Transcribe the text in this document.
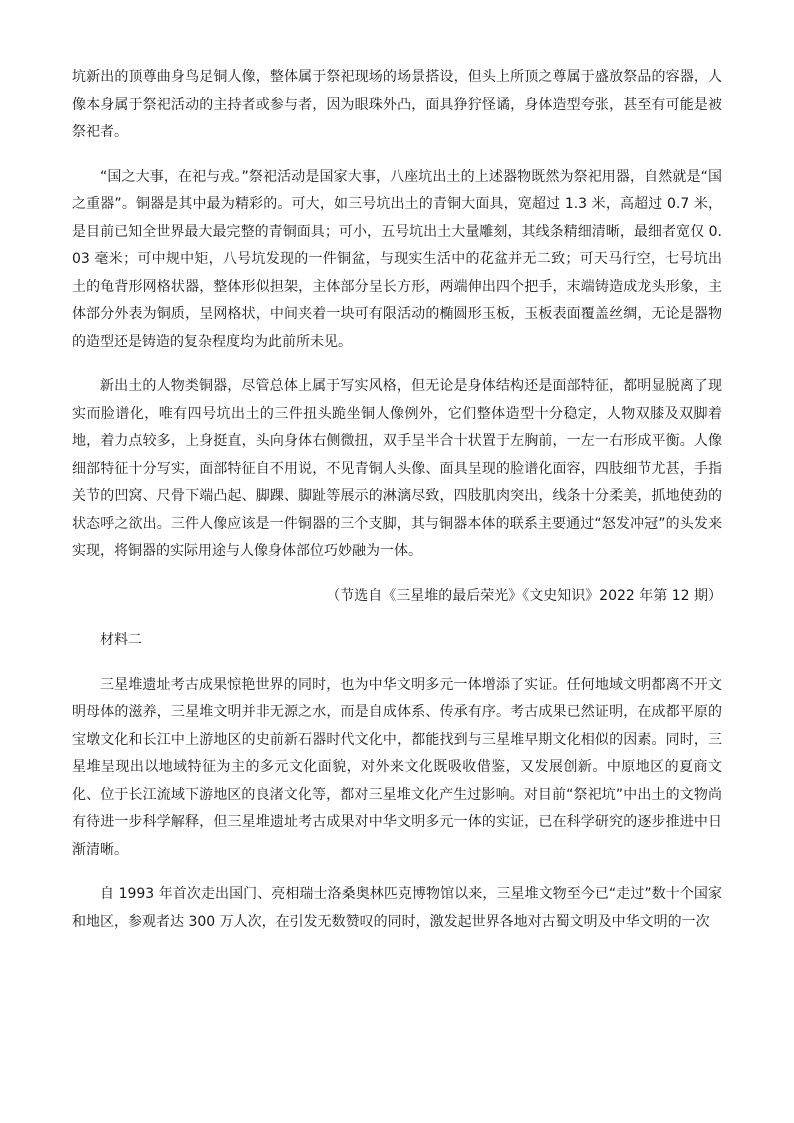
坑新出的顶尊曲身鸟足铜人像，整体属于祭祀现场的场景搭设，但头上所顶之尊属于盛放祭品的容器，人像本身属于祭祀活动的主持者或参与者，因为眼珠外凸，面具狰狞怪谲，身体造型夸张，甚至有可能是被祭祀者。

“国之大事，在祀与戎。”祭祀活动是国家大事，八座坑出土的上述器物既然为祭祀用器，自然就是“国之重器”。铜器是其中最为精彩的。可大，如三号坑出土的青铜大面具，宽超过 1.3 米，高超过 0.7 米，是目前已知全世界最大最完整的青铜面具；可小，五号坑出土大量雕刻，其线条精细清晰，最细者宽仅 0.03 毫米；可中规中矩，八号坑发现的一件铜盆，与现实生活中的花盆并无二致；可天马行空，七号坑出土的龟背形网格状器，整体形似担架，主体部分呈长方形，两端伸出四个把手，末端铸造成龙头形象，主体部分外表为铜质，呈网格状，中间夹着一块可有限活动的椭圆形玉板，玉板表面覆盖丝绸，无论是器物的造型还是铸造的复杂程度均为此前所未见。

新出土的人物类铜器，尽管总体上属于写实风格，但无论是身体结构还是面部特征，都明显脱离了现实而脸谱化，唯有四号坑出土的三件扭头跪坐铜人像例外，它们整体造型十分稳定，人物双膝及双脚着地，着力点较多，上身挺直，头向身体右侧微扭，双手呈半合十状置于左胸前，一左一右形成平衡。人像细部特征十分写实，面部特征自不用说，不见青铜人头像、面具呈现的脸谱化面容，四肢细节尤甚，手指关节的凹窝、尺骨下端凸起、脚踝、脚趾等展示的淋漓尽致，四肢肌肉突出，线条十分柔美，抓地使劲的状态呼之欲出。三件人像应该是一件铜器的三个支脚，其与铜器本体的联系主要通过“怒发冲冠”的头发来实现，将铜器的实际用途与人像身体部位巧妙融为一体。

（节选自《三星堆的最后荣光》《文史知识》2022 年第 12 期）

材料二

三星堆遗址考古成果惊艳世界的同时，也为中华文明多元一体增添了实证。任何地域文明都离不开文明母体的滋养，三星堆文明并非无源之水，而是自成体系、传承有序。考古成果已然证明，在成都平原的宝墩文化和长江中上游地区的史前新石器时代文化中，都能找到与三星堆早期文化相似的因素。同时，三星堆呈现出以地域特征为主的多元文化面貌，对外来文化既吸收借鉴，又发展创新。中原地区的夏商文化、位于长江流域下游地区的良渚文化等，都对三星堆文化产生过影响。对目前“祭祀坑”中出土的文物尚有待进一步科学解释，但三星堆遗址考古成果对中华文明多元一体的实证，已在科学研究的逐步推进中日渐清晰。

自 1993 年首次走出国门、亮相瑞士洛桑奥林匹克博物馆以来，三星堆文物至今已“走过”数十个国家和地区，参观者达 300 万人次，在引发无数赞叹的同时，激发起世界各地对古蜀文明及中华文明的一次
